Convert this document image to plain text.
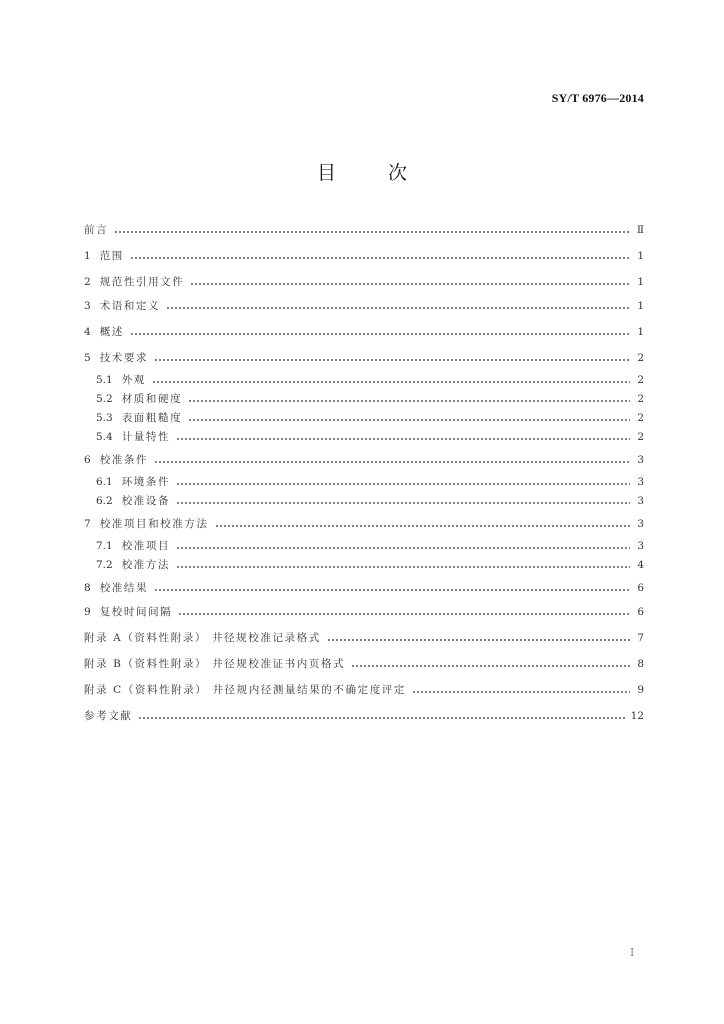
SY/T 6976—2014
目	次
前言	Ⅱ
1 范围	1
2 规范性引用文件	1
3 术语和定义	1
4 概述	1
5 技术要求	2
5.1 外观	2
5.2 材质和硬度	2
5.3 表面粗糙度	2
5.4 计量特性	2
6 校准条件	3
6.1 环境条件	3
6.2 校准设备	3
7 校准项目和校准方法	3
7.1 校准项目	3
7.2 校准方法	4
8 校准结果	6
9 复校时间间隔	6
附录 A（资料性附录） 井径规校准记录格式	7
附录 B（资料性附录） 井径规校准证书内页格式	8
附录 C（资料性附录） 井径规内径测量结果的不确定度评定	9
参考文献	12
Ⅰ
